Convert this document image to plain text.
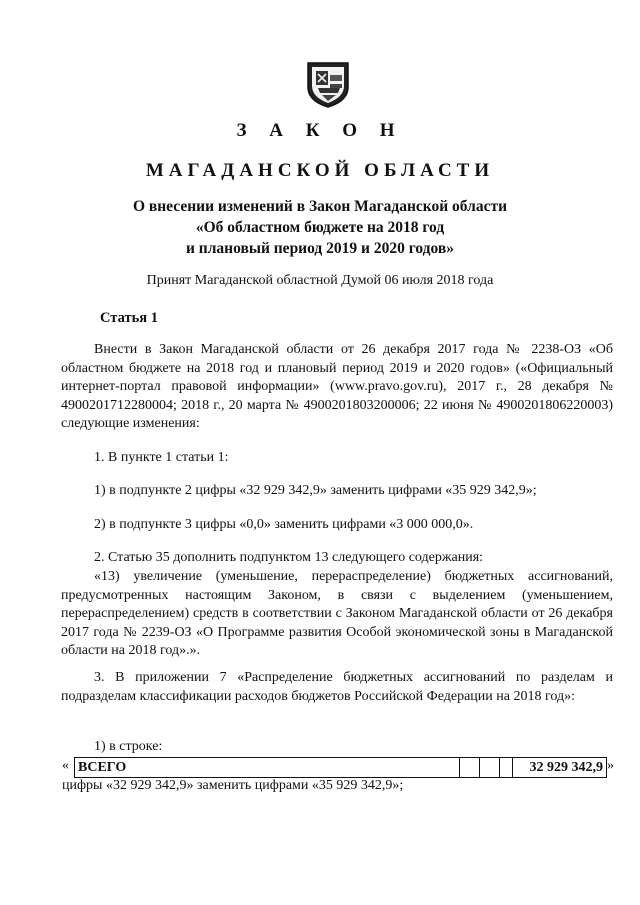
З А К О Н
МАГАДАНСКОЙ ОБЛАСТИ
О внесении изменений в Закон Магаданской области
«Об областном бюджете на 2018 год
и плановый период 2019 и 2020 годов»
Принят Магаданской областной Думой 06 июля 2018 года
Статья 1
Внести в Закон Магаданской области от 26 декабря 2017 года № 2238-ОЗ «Об областном бюджете на 2018 год и плановый период 2019 и 2020 годов» («Официальный интернет-портал правовой информации» (www.pravo.gov.ru), 2017 г., 28 декабря № 4900201712280004; 2018 г., 20 марта № 4900201803200006; 22 июня № 4900201806220003) следующие изменения:
1. В пункте 1 статьи 1:
1) в подпункте 2 цифры «32 929 342,9» заменить цифрами «35 929 342,9»;
2) в подпункте 3 цифры «0,0» заменить цифрами «3 000 000,0».
2. Статью 35 дополнить подпунктом 13 следующего содержания:
«13) увеличение (уменьшение, перераспределение) бюджетных ассигнований, предусмотренных настоящим Законом, в связи с выделением (уменьшением, перераспределением) средств в соответствии с Законом Магаданской области от 26 декабря 2017 года № 2239-ОЗ «О Программе развития Особой экономической зоны в Магаданской области на 2018 год».».
3. В приложении 7 «Распределение бюджетных ассигнований по разделам и подразделам классификации расходов бюджетов Российской Федерации на 2018 год»:
1) в строке:
« ВСЕГО	32 929 342,9 »
цифры «32 929 342,9» заменить цифрами «35 929 342,9»;
